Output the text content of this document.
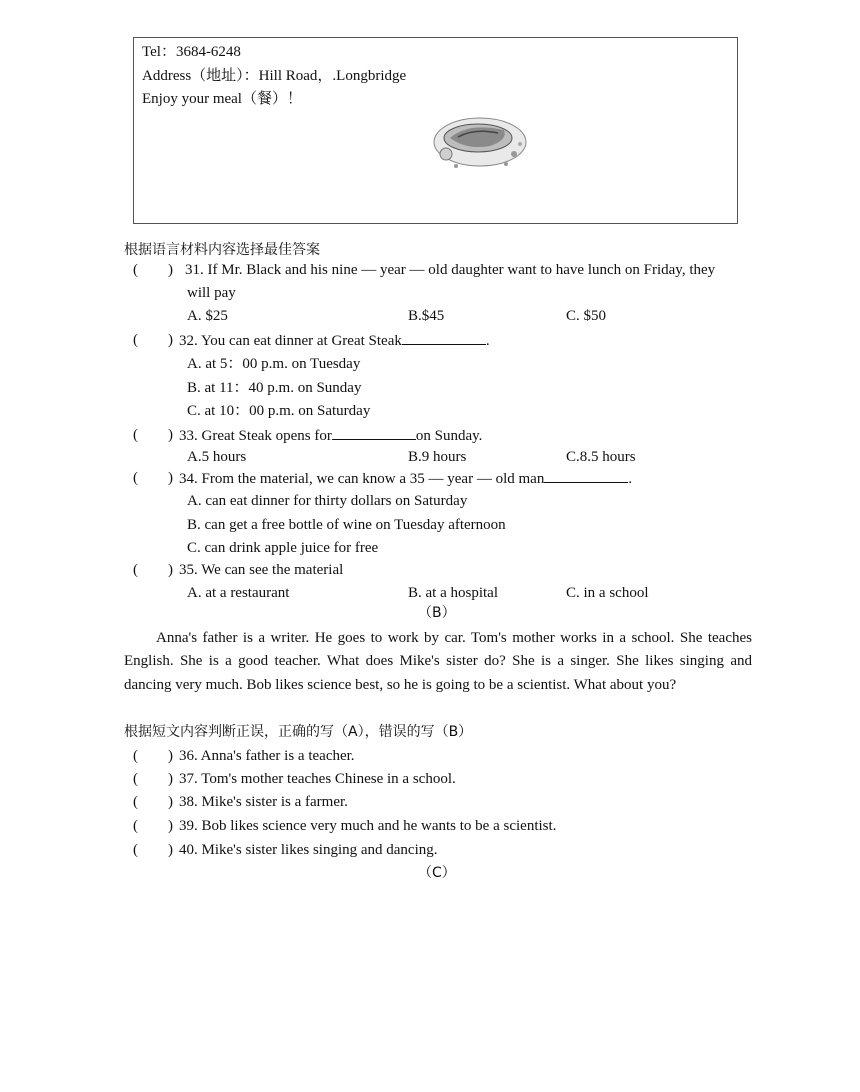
Tel：3684-6248
Address（地址）：Hill Road，.Longbridge
Enjoy your meal（餐）！
根据语言材料内容选择最佳答案
(　　) 31. If Mr. Black and his nine — year — old daughter want to have lunch on Friday, they
will pay
A. $25	B.$45	C. $50
(　　) 32. You can eat dinner at Great Steak	.
A. at 5：00 p.m. on Tuesday
B. at 11：40 p.m. on Sunday
C. at 10：00 p.m. on Saturday
(　　) 33. Great Steak opens for	on Sunday.
A.5 hours	B.9 hours	C.8.5 hours
(　　) 34. From the material, we can know a 35 — year — old man	.
A. can eat dinner for thirty dollars on Saturday
B. can get a free bottle of wine on Tuesday afternoon
C. can drink apple juice for free
(　　) 35. We can see the material
A. at a restaurant	B. at a hospital	C. in a school
（B）
Anna's father is a writer. He goes to work by car. Tom's mother works in a school. She teaches English. She is a good teacher. What does Mike's sister do? She is a singer. She likes singing and dancing very much. Bob likes science best, so he is going to be a scientist. What about you?
根据短文内容判断正误，正确的写（A），错误的写（B）
(　　) 36. Anna's father is a teacher.
(　　) 37. Tom's mother teaches Chinese in a school.
(　　) 38. Mike's sister is a farmer.
(　　) 39. Bob likes science very much and he wants to be a scientist.
(　　) 40. Mike's sister likes singing and dancing.
（C）
